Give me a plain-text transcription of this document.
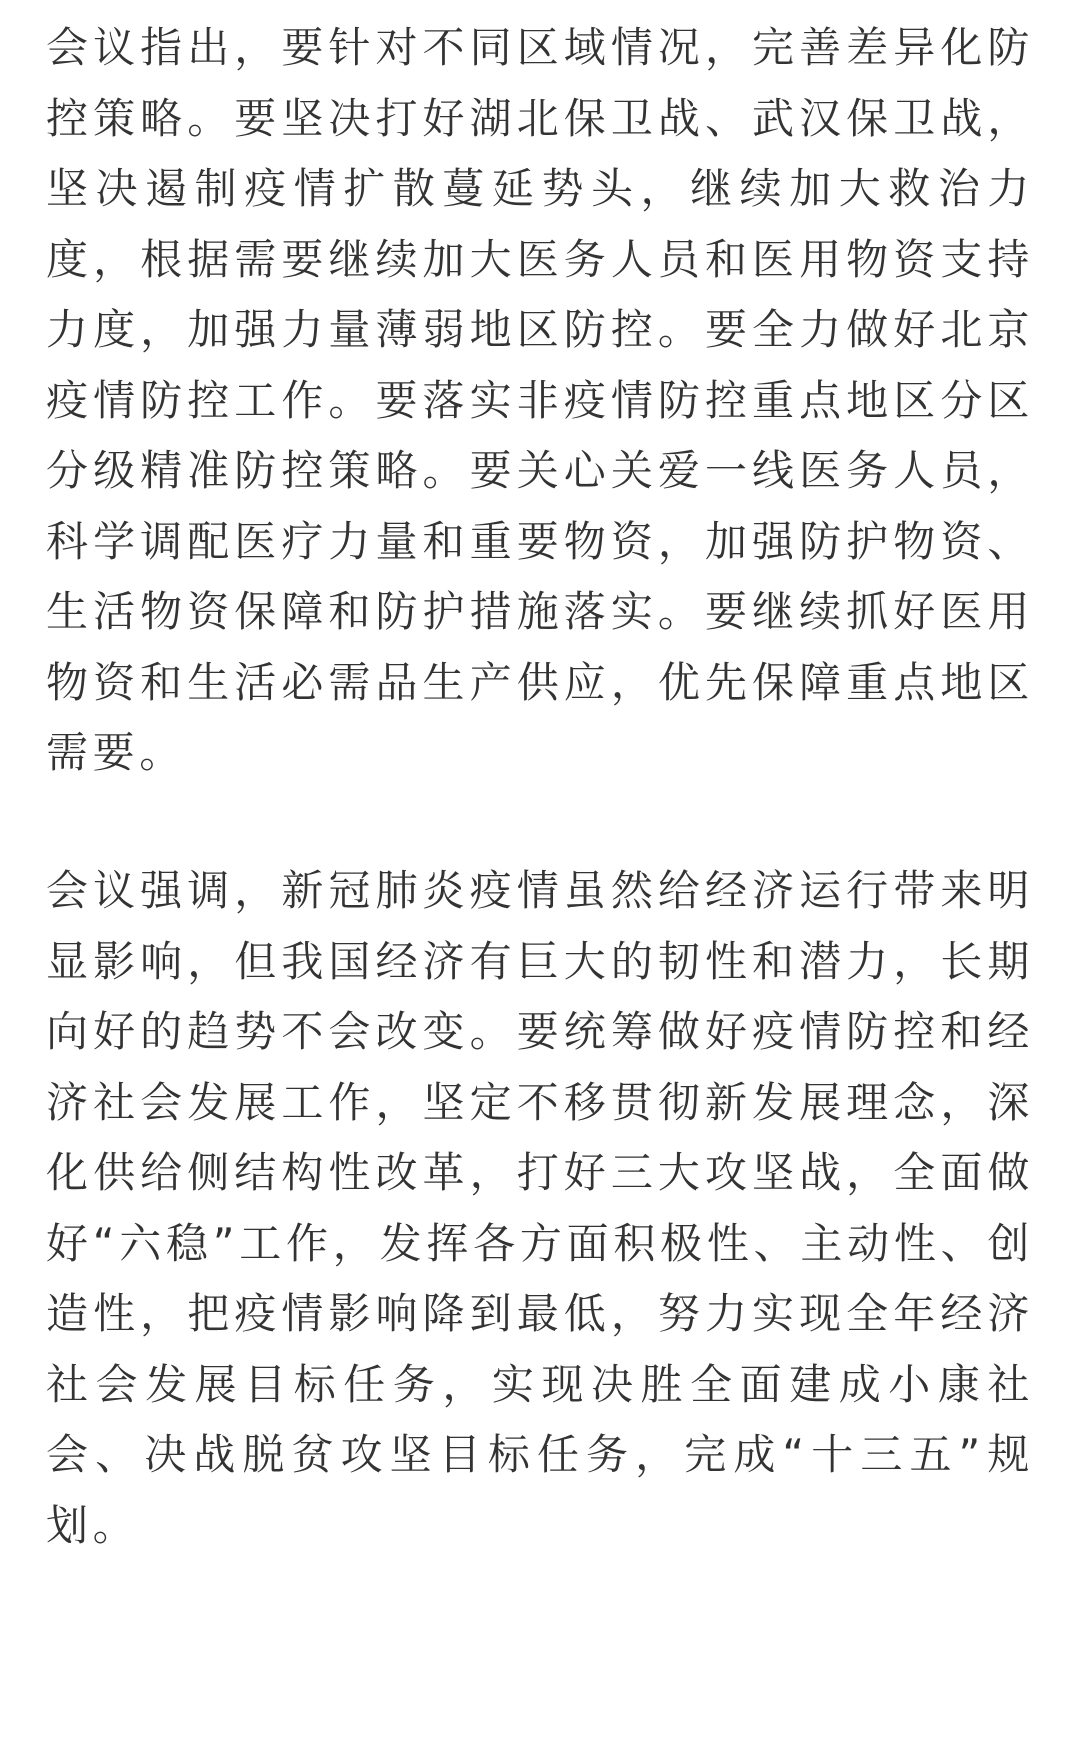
会议指出，要针对不同区域情况，完善差异化防控策略。要坚决打好湖北保卫战、武汉保卫战，坚决遏制疫情扩散蔓延势头，继续加大救治力度，根据需要继续加大医务人员和医用物资支持力度，加强力量薄弱地区防控。要全力做好北京疫情防控工作。要落实非疫情防控重点地区分区分级精准防控策略。要关心关爱一线医务人员，科学调配医疗力量和重要物资，加强防护物资、生活物资保障和防护措施落实。要继续抓好医用物资和生活必需品生产供应，优先保障重点地区需要。

会议强调，新冠肺炎疫情虽然给经济运行带来明显影响，但我国经济有巨大的韧性和潜力，长期向好的趋势不会改变。要统筹做好疫情防控和经济社会发展工作，坚定不移贯彻新发展理念，深化供给侧结构性改革，打好三大攻坚战，全面做好“六稳”工作，发挥各方面积极性、主动性、创造性，把疫情影响降到最低，努力实现全年经济社会发展目标任务，实现决胜全面建成小康社会、决战脱贫攻坚目标任务，完成“十三五”规划。
